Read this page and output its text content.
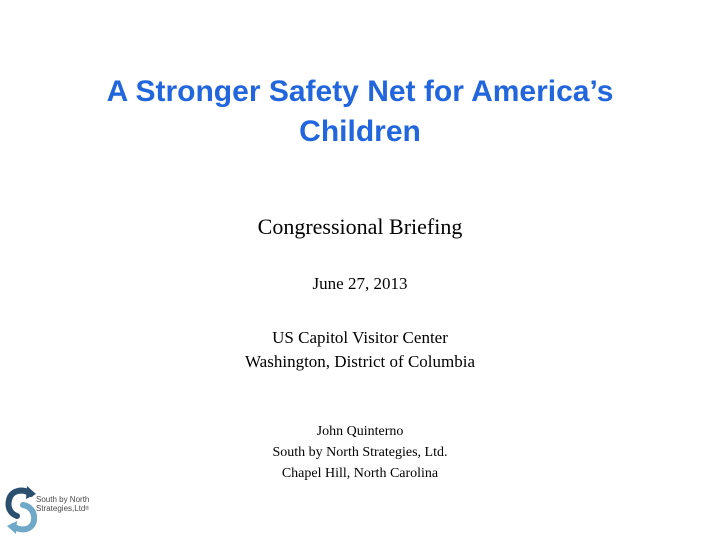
A Stronger Safety Net for America’s
Children
Congressional Briefing
June 27, 2013
US Capitol Visitor Center
Washington, District of Columbia
John Quinterno
South by North Strategies, Ltd.
Chapel Hill, North Carolina
South by North
Strategies,Ltd®
